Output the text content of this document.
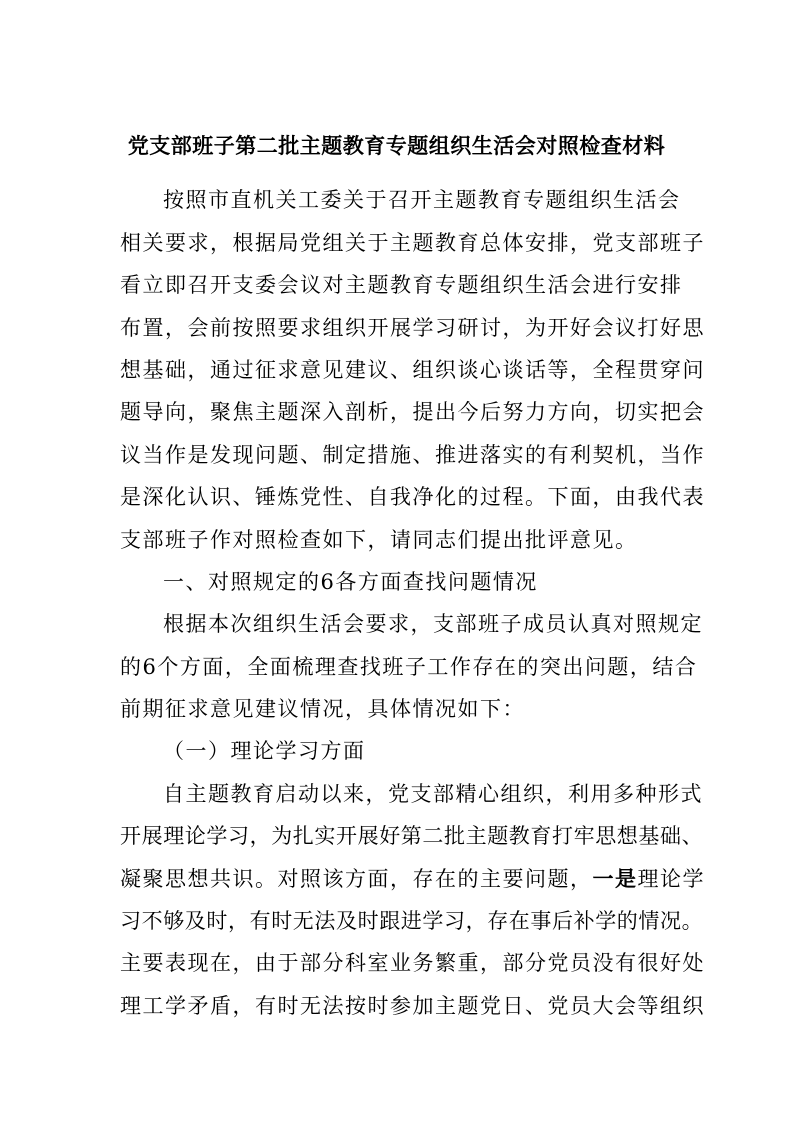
党支部班子第二批主题教育专题组织生活会对照检查材料
按照市直机关工委关于召开主题教育专题组织生活会
相关要求，根据局党组关于主题教育总体安排，党支部班子
看立即召开支委会议对主题教育专题组织生活会进行安排
布置，会前按照要求组织开展学习研讨，为开好会议打好思
想基础，通过征求意见建议、组织谈心谈话等，全程贯穿问
题导向，聚焦主题深入剖析，提出今后努力方向，切实把会
议当作是发现问题、制定措施、推进落实的有利契机，当作
是深化认识、锤炼党性、自我净化的过程。下面，由我代表
支部班子作对照检查如下，请同志们提出批评意见。
一、对照规定的6各方面查找问题情况
根据本次组织生活会要求，支部班子成员认真对照规定
的6个方面，全面梳理查找班子工作存在的突出问题，结合
前期征求意见建议情况，具体情况如下：
（一）理论学习方面
自主题教育启动以来，党支部精心组织，利用多种形式
开展理论学习，为扎实开展好第二批主题教育打牢思想基础、
凝聚思想共识。对照该方面，存在的主要问题，一是理论学
习不够及时，有时无法及时跟进学习，存在事后补学的情况。
主要表现在，由于部分科室业务繁重，部分党员没有很好处
理工学矛盾，有时无法按时参加主题党日、党员大会等组织
